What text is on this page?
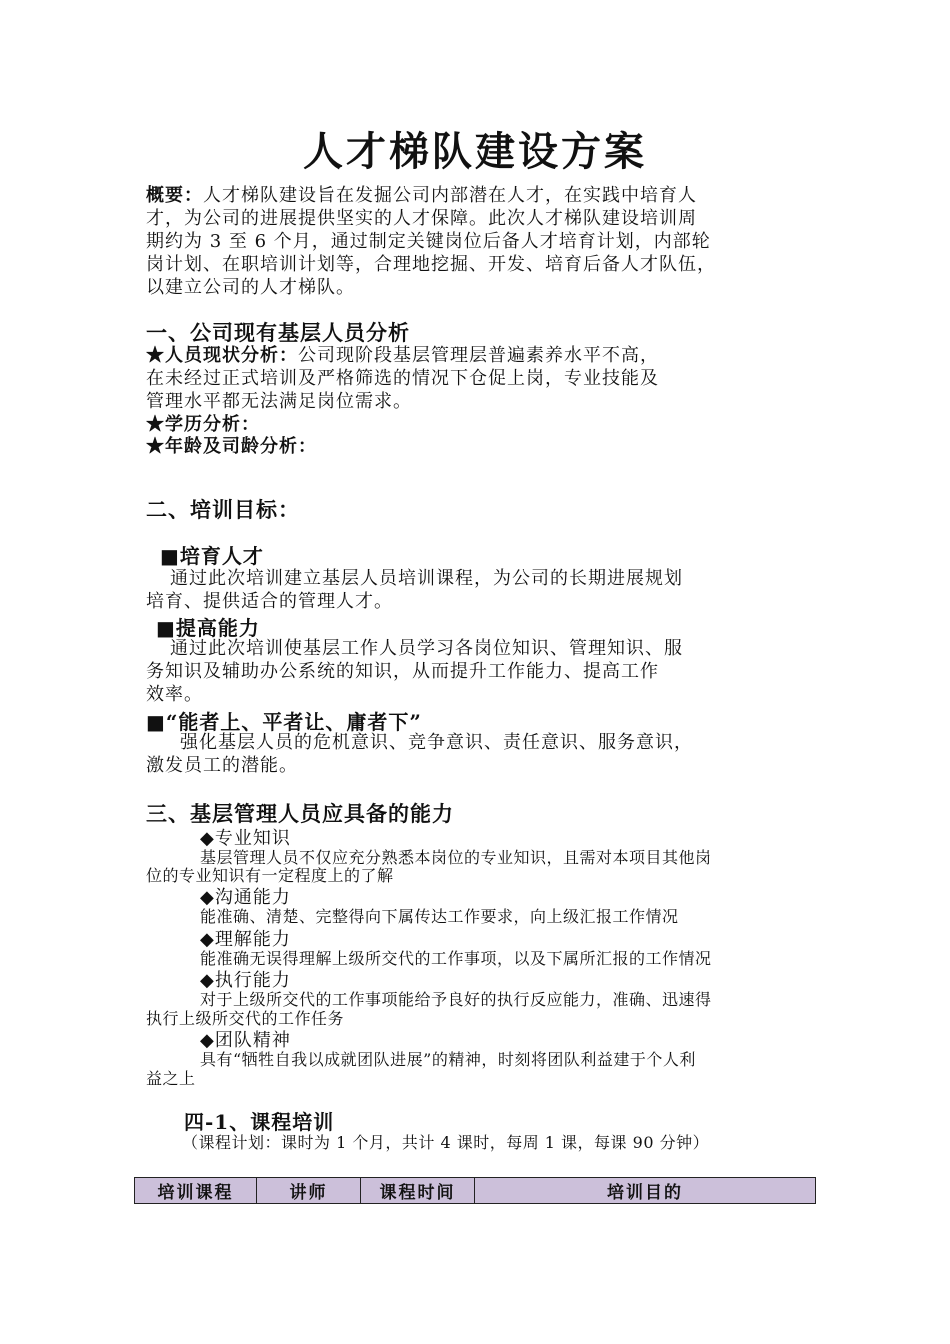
人才梯队建设方案
概要：人才梯队建设旨在发掘公司内部潜在人才，在实践中培育人
才，为公司的进展提供坚实的人才保障。此次人才梯队建设培训周
期约为 3 至 6 个月，通过制定关键岗位后备人才培育计划，内部轮
岗计划、在职培训计划等，合理地挖掘、开发、培育后备人才队伍，
以建立公司的人才梯队。
一、公司现有基层人员分析
★人员现状分析：公司现阶段基层管理层普遍素养水平不高，
在未经过正式培训及严格筛选的情况下仓促上岗，专业技能及
管理水平都无法满足岗位需求。
★学历分析：
★年龄及司龄分析：
二、培训目标：
■培育人才
通过此次培训建立基层人员培训课程，为公司的长期进展规划
培育、提供适合的管理人才。
■提高能力
通过此次培训使基层工作人员学习各岗位知识、管理知识、服
务知识及辅助办公系统的知识，从而提升工作能力、提高工作
效率。
■“能者上、平者让、庸者下”
强化基层人员的危机意识、竞争意识、责任意识、服务意识，
激发员工的潜能。
三、基层管理人员应具备的能力
◆专业知识
基层管理人员不仅应充分熟悉本岗位的专业知识，且需对本项目其他岗
位的专业知识有一定程度上的了解
◆沟通能力
能准确、清楚、完整得向下属传达工作要求，向上级汇报工作情况
◆理解能力
能准确无误得理解上级所交代的工作事项，以及下属所汇报的工作情况
◆执行能力
对于上级所交代的工作事项能给予良好的执行反应能力，准确、迅速得
执行上级所交代的工作任务
◆团队精神
具有“牺牲自我以成就团队进展”的精神，时刻将团队利益建于个人利
益之上
四-1、课程培训
（课程计划：课时为 1 个月，共计 4 课时，每周 1 课，每课 90 分钟）
培训课程	讲师	课程时间	培训目的
